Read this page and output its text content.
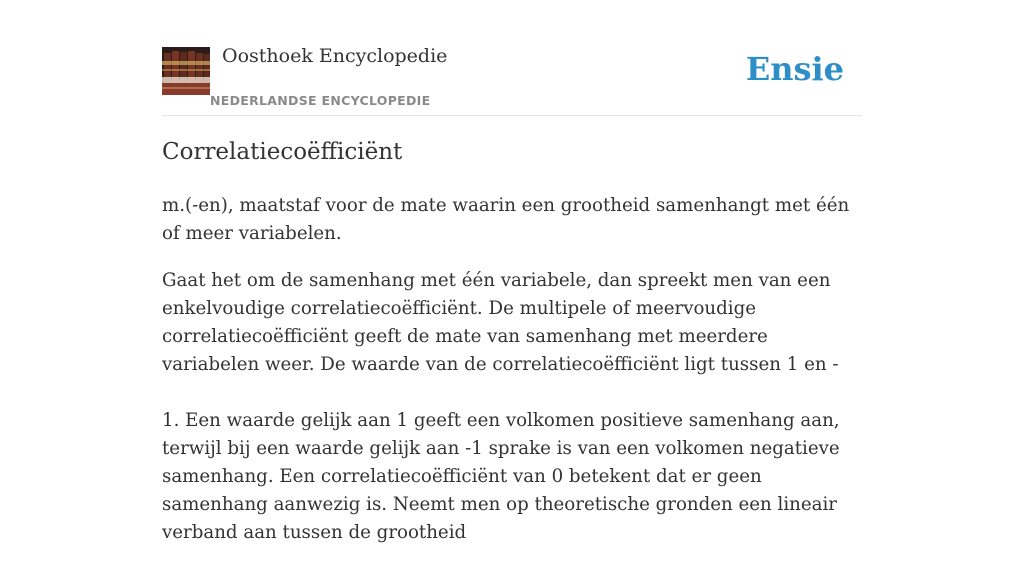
Oosthoek Encyclopedie
NEDERLANDSE ENCYCLOPEDIE
Ensie
Correlatiecoëfficiënt

m.(-en), maatstaf voor de mate waarin een grootheid samenhangt met één of meer variabelen.

Gaat het om de samenhang met één variabele, dan spreekt men van een enkelvoudige correlatiecoëfficiënt. De multipele of meervoudige correlatiecoëfficiënt geeft de mate van samenhang met meerdere variabelen weer. De waarde van de correlatiecoëfficiënt ligt tussen 1 en -

1. Een waarde gelijk aan 1 geeft een volkomen positieve samenhang aan, terwijl bij een waarde gelijk aan -1 sprake is van een volkomen negatieve samenhang. Een correlatiecoëfficiënt van 0 betekent dat er geen samenhang aanwezig is. Neemt men op theoretische gronden een lineair verband aan tussen de grootheid
